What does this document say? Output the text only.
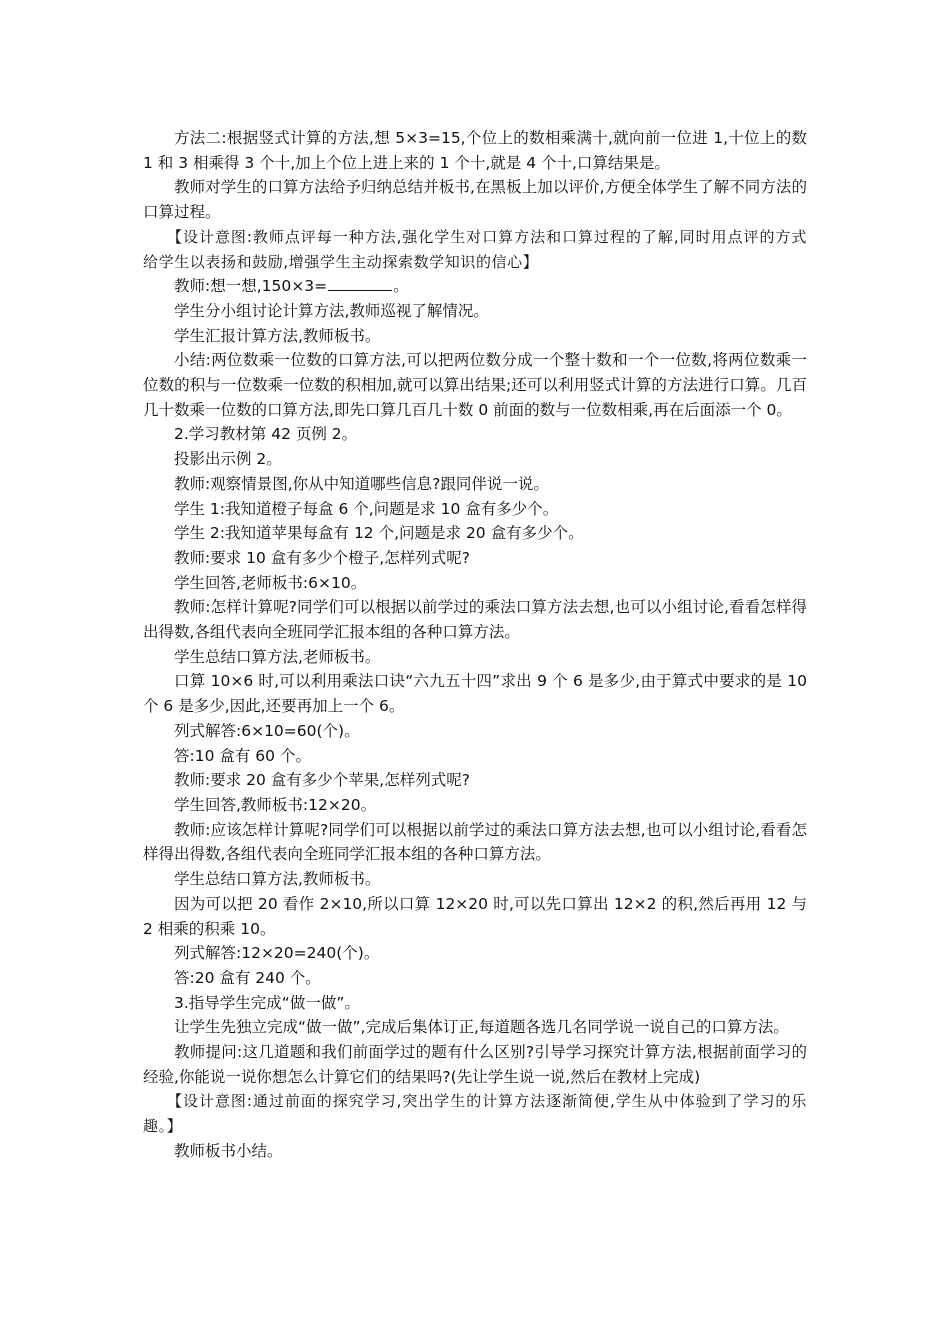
方法二:根据竖式计算的方法,想 5×3=15,个位上的数相乘满十,就向前一位进 1,十位上的数 1 和 3 相乘得 3 个十,加上个位上进上来的 1 个十,就是 4 个十,口算结果是。

教师对学生的口算方法给予归纳总结并板书,在黑板上加以评价,方便全体学生了解不同方法的口算过程。

【设计意图:教师点评每一种方法,强化学生对口算方法和口算过程的了解,同时用点评的方式给学生以表扬和鼓励,增强学生主动探索数学知识的信心】

教师:想一想,150×3=	。

学生分小组讨论计算方法,教师巡视了解情况。

学生汇报计算方法,教师板书。

小结:两位数乘一位数的口算方法,可以把两位数分成一个整十数和一个一位数,将两位数乘一位数的积与一位数乘一位数的积相加,就可以算出结果;还可以利用竖式计算的方法进行口算。几百几十数乘一位数的口算方法,即先口算几百几十数 0 前面的数与一位数相乘,再在后面添一个 0。

2.学习教材第 42 页例 2。

投影出示例 2。

教师:观察情景图,你从中知道哪些信息?跟同伴说一说。

学生 1:我知道橙子每盒 6 个,问题是求 10 盒有多少个。

学生 2:我知道苹果每盒有 12 个,问题是求 20 盒有多少个。

教师:要求 10 盒有多少个橙子,怎样列式呢?

学生回答,老师板书:6×10。

教师:怎样计算呢?同学们可以根据以前学过的乘法口算方法去想,也可以小组讨论,看看怎样得出得数,各组代表向全班同学汇报本组的各种口算方法。

学生总结口算方法,老师板书。

口算 10×6 时,可以利用乘法口诀“六九五十四”求出 9 个 6 是多少,由于算式中要求的是 10 个 6 是多少,因此,还要再加上一个 6。

列式解答:6×10=60(个)。

答:10 盒有 60 个。

教师:要求 20 盒有多少个苹果,怎样列式呢?

学生回答,教师板书:12×20。

教师:应该怎样计算呢?同学们可以根据以前学过的乘法口算方法去想,也可以小组讨论,看看怎样得出得数,各组代表向全班同学汇报本组的各种口算方法。

学生总结口算方法,教师板书。

因为可以把 20 看作 2×10,所以口算 12×20 时,可以先口算出 12×2 的积,然后再用 12 与 2 相乘的积乘 10。

列式解答:12×20=240(个)。

答:20 盒有 240 个。

3.指导学生完成“做一做”。

让学生先独立完成“做一做”,完成后集体订正,每道题各选几名同学说一说自己的口算方法。

教师提问:这几道题和我们前面学过的题有什么区别?引导学习探究计算方法,根据前面学习的经验,你能说一说你想怎么计算它们的结果吗?(先让学生说一说,然后在教材上完成)

【设计意图:通过前面的探究学习,突出学生的计算方法逐渐简便,学生从中体验到了学习的乐趣。】

教师板书小结。
